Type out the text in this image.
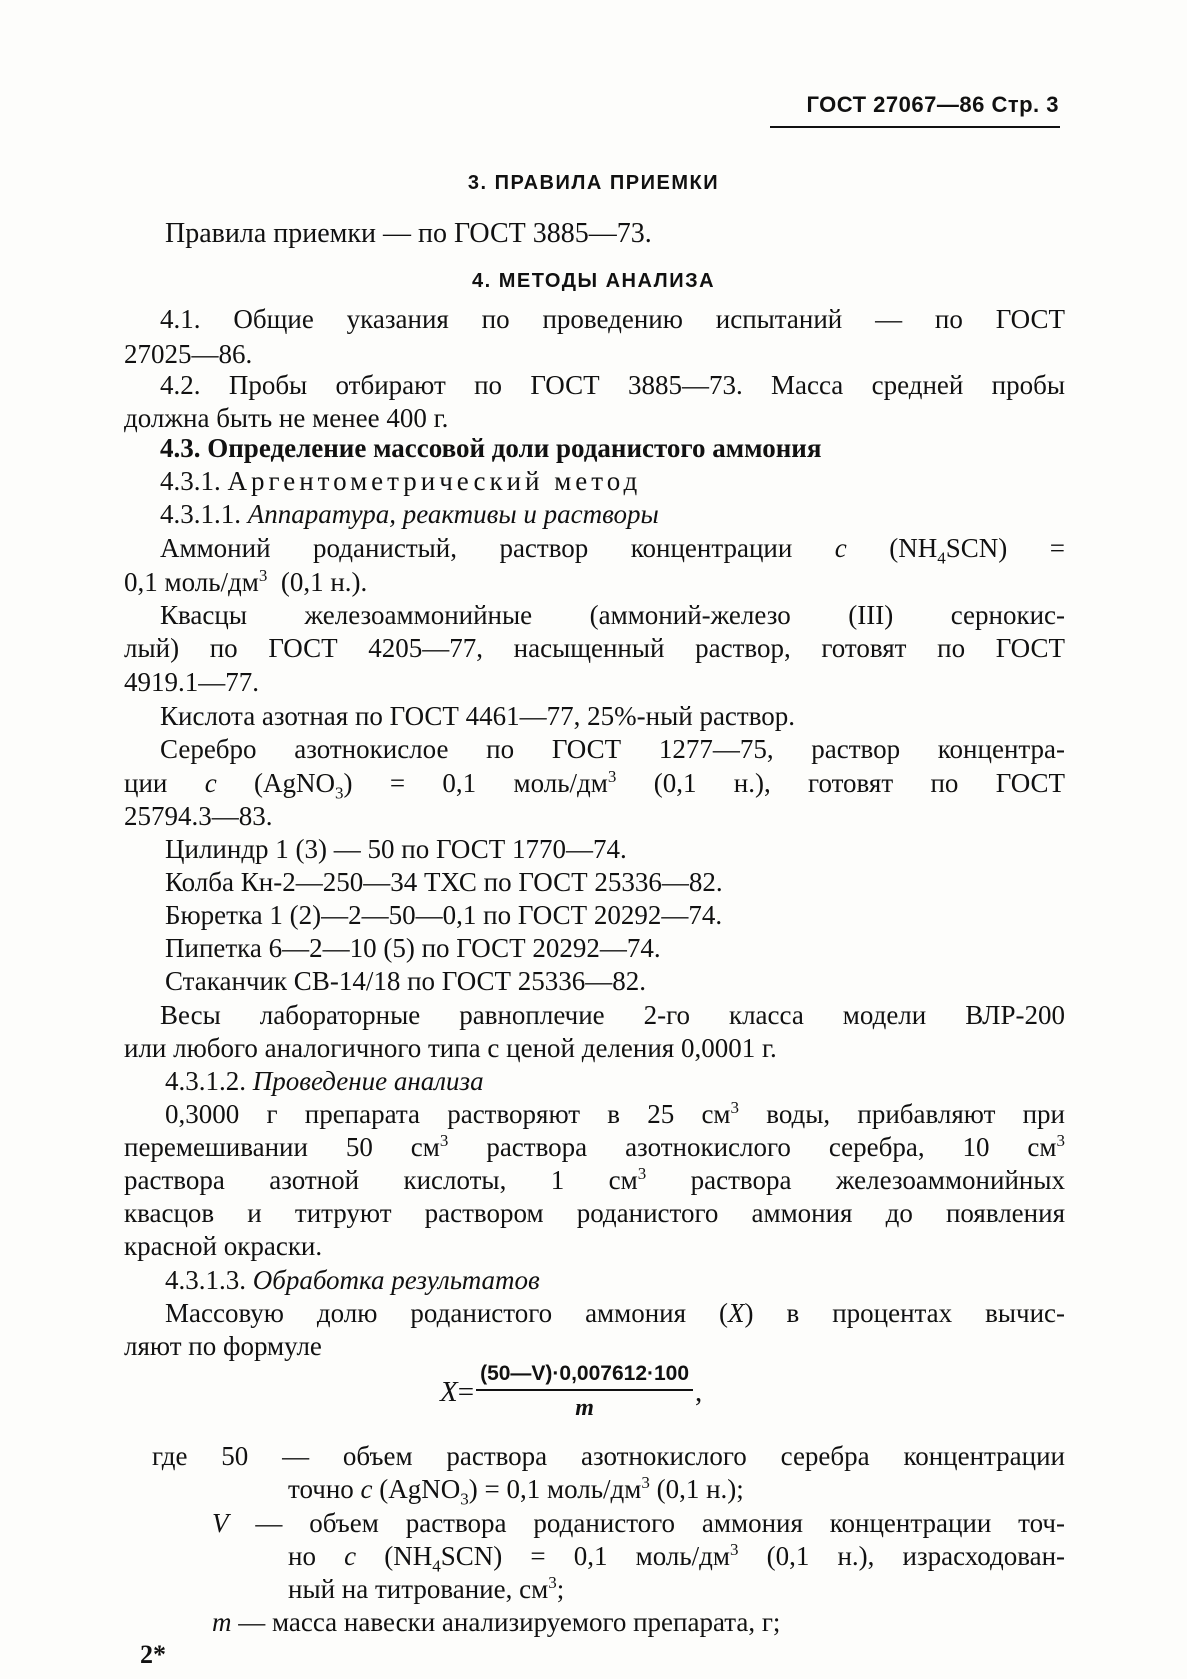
ГОСТ 27067—86 Стр. 3
3. ПРАВИЛА ПРИЕМКИ
Правила приемки — по ГОСТ 3885—73.
4. МЕТОДЫ АНАЛИЗА
4.1. Общие указания по проведению испытаний — по ГОСТ
27025—86.
4.2. Пробы отбирают по ГОСТ 3885—73. Масса средней пробы
должна быть не менее 400 г.
4.3. Определение массовой доли роданистого аммония
4.3.1. Аргентометрический метод
4.3.1.1. Аппаратура, реактивы и растворы
Аммоний роданистый, раствор концентрации c $(NH_4SCN)$ =
0,1 моль/$дм^3$ (0,1 н.).
Квасцы железоаммонийные (аммоний-железо (III) сернокис-
лый) по ГОСТ 4205—77, насыщенный раствор, готовят по ГОСТ
4919.1—77.
Кислота азотная по ГОСТ 4461—77, 25%-ный раствор.
Серебро азотнокислое по ГОСТ 1277—75, раствор концентра-
ции c (AgNO$_3$) = 0,1 моль/$дм^3$ (0,1 н.), готовят по ГОСТ
25794.3—83.
Цилиндр 1 (3) — 50 по ГОСТ 1770—74.
Колба Кн-2—250—34 ТХС по ГОСТ 25336—82.
Бюретка 1 (2)—2—50—0,1 по ГОСТ 20292—74.
Пипетка 6—2—10 (5) по ГОСТ 20292—74.
Стаканчик СВ-14/18 по ГОСТ 25336—82.
Весы лабораторные равноплечие 2-го класса модели ВЛР-200
или любого аналогичного типа с ценой деления 0,0001 г.
4.3.1.2. Проведение анализа
0,3000 г препарата растворяют в 25 $см^3$ воды, прибавляют при
перемешивании 50 $см^3$ раствора азотнокислого серебра, 10 $см^3$
раствора азотной кислоты, 1 $см^3$ раствора железоаммонийных
квасцов и титруют раствором роданистого аммония до появления
красной окраски.
4.3.1.3. Обработка результатов
Массовую долю роданистого аммония (X) в процентах вычис-
ляют по формуле
$X = \frac{(50—V)\cdot 0,007612\cdot 100}{m}$ ,
где 50 — объем раствора азотнокислого серебра концентрации
точно c (AgNO$_3$) = 0,1 моль/$дм^3$ (0,1 н.);
V — объем раствора роданистого аммония концентрации точ-
но c $(NH_4SCN) = 0,1$ моль/$дм^3$ (0,1 н.), израсходован-
ный на титрование, $см^3$;
m — масса навески анализируемого препарата, г;
2*
